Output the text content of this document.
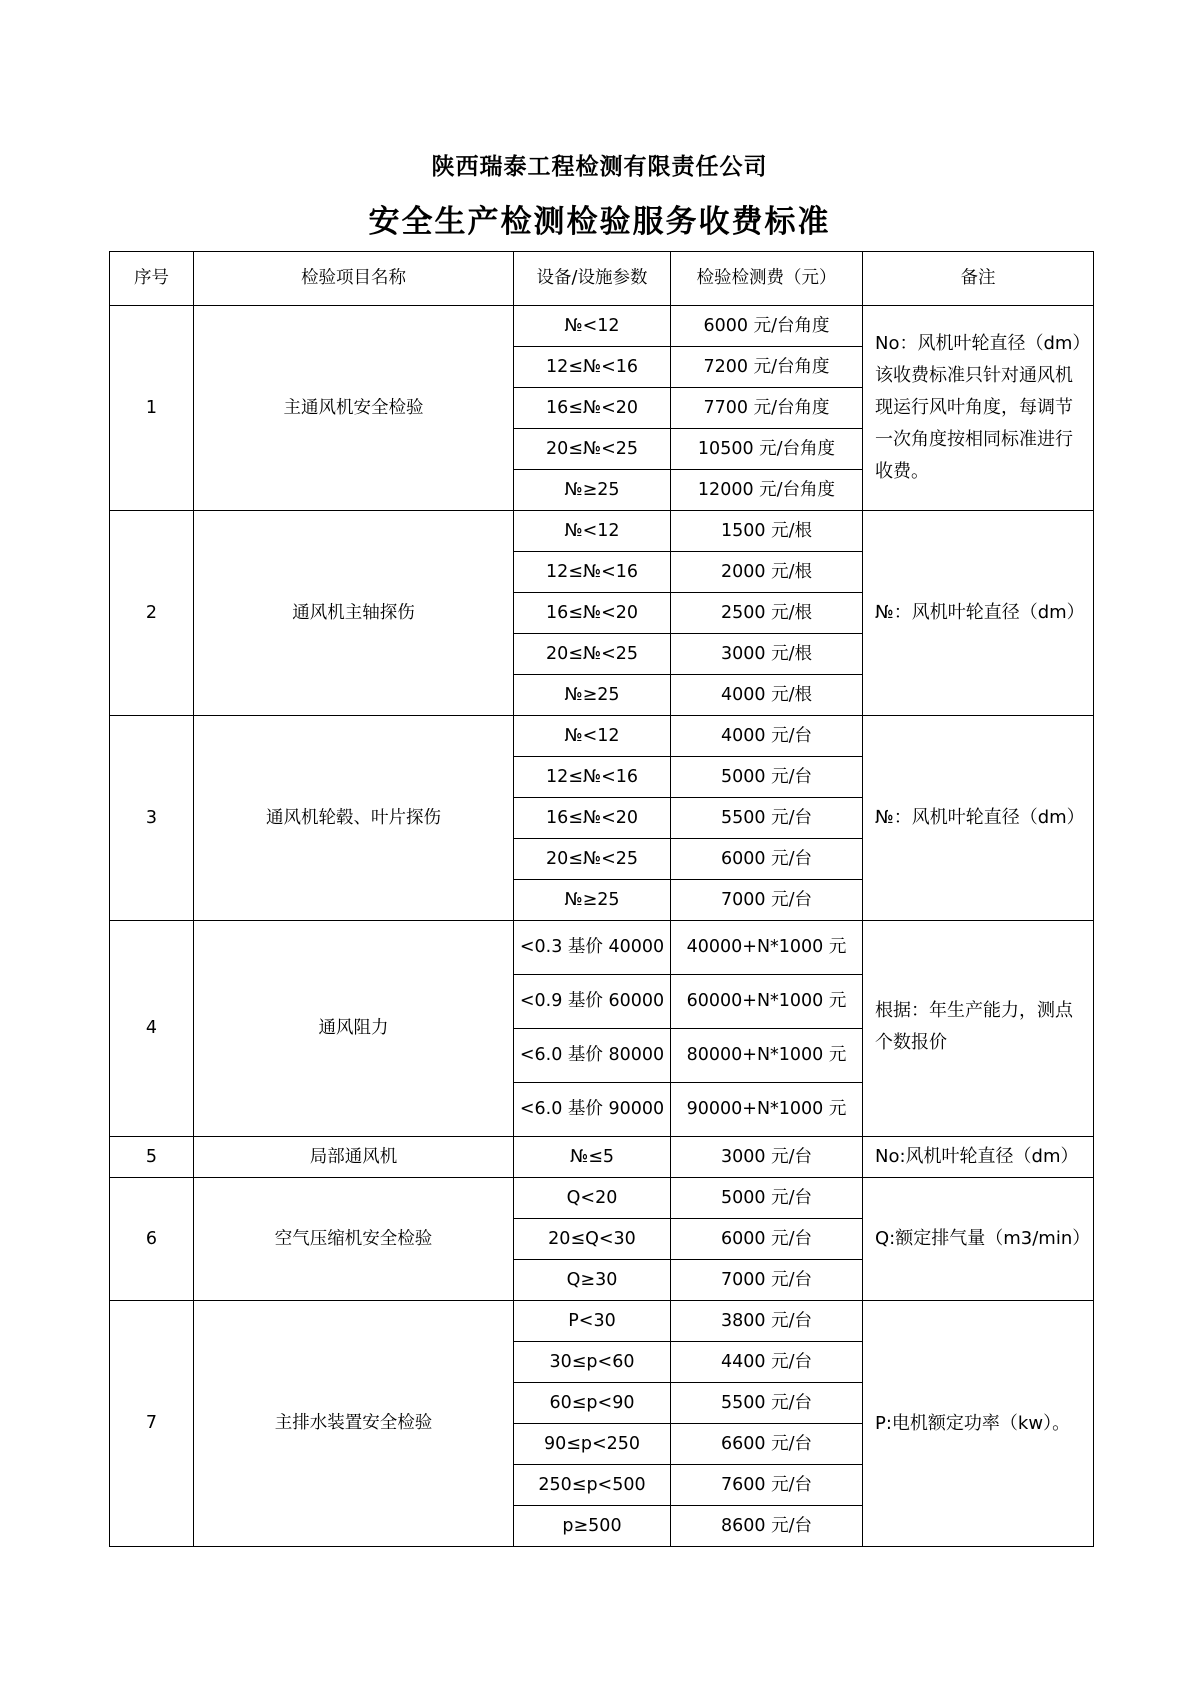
陕西瑞泰工程检测有限责任公司
安全生产检测检验服务收费标准
序号	检验项目名称	设备/设施参数	检验检测费（元）	备注
1	主通风机安全检验	№<12	6000 元/台角度	No：风机叶轮直径（dm）该收费标准只针对通风机现运行风叶角度，每调节一次角度按相同标准进行收费。
		12≤№<16	7200 元/台角度	
		16≤№<20	7700 元/台角度	
		20≤№<25	10500 元/台角度	
		№≥25	12000 元/台角度	
2	通风机主轴探伤	№<12	1500 元/根	№：风机叶轮直径（dm）
		12≤№<16	2000 元/根	
		16≤№<20	2500 元/根	
		20≤№<25	3000 元/根	
		№≥25	4000 元/根	
3	通风机轮毂、叶片探伤	№<12	4000 元/台	№：风机叶轮直径（dm）
		12≤№<16	5000 元/台	
		16≤№<20	5500 元/台	
		20≤№<25	6000 元/台	
		№≥25	7000 元/台	
4	通风阻力	<0.3 基价 40000	40000+N*1000 元	根据：年生产能力，测点个数报价
		<0.9 基价 60000	60000+N*1000 元	
		<6.0 基价 80000	80000+N*1000 元	
		<6.0 基价 90000	90000+N*1000 元	
5	局部通风机	№≤5	3000 元/台	No:风机叶轮直径（dm）
6	空气压缩机安全检验	Q<20	5000 元/台	Q:额定排气量（m3/min）
		20≤Q<30	6000 元/台	
		Q≥30	7000 元/台	
7	主排水装置安全检验	P<30	3800 元/台	P:电机额定功率（kw）。
		30≤p<60	4400 元/台	
		60≤p<90	5500 元/台	
		90≤p<250	6600 元/台	
		250≤p<500	7600 元/台	
		p≥500	8600 元/台	
